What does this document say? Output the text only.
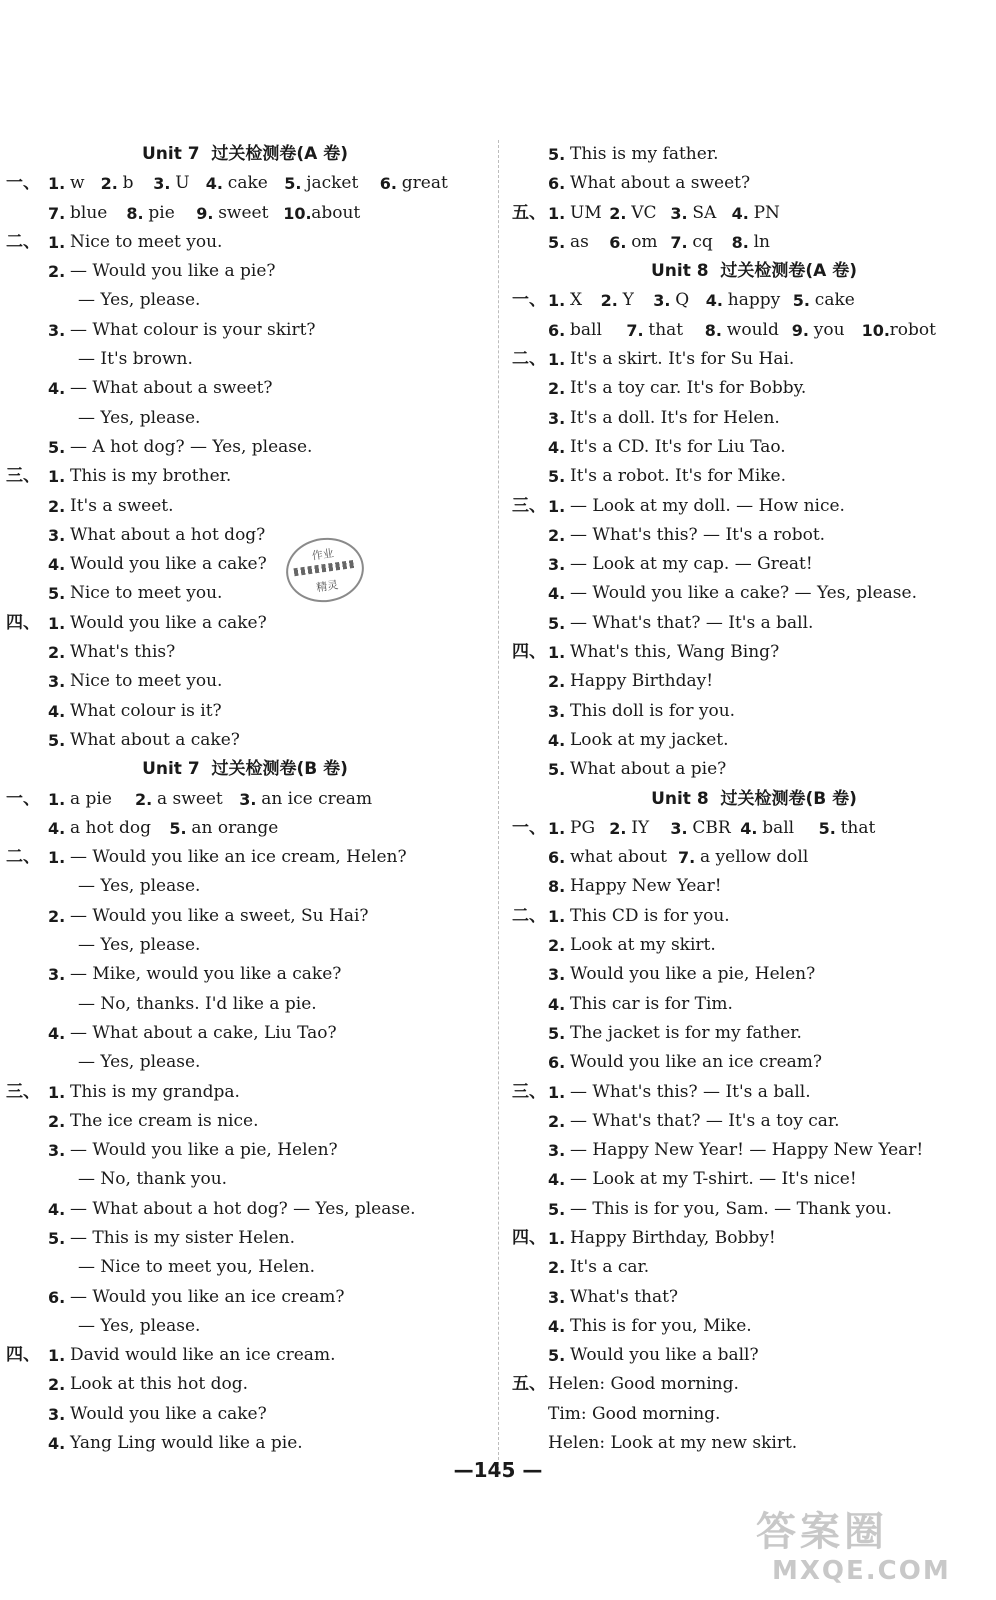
Unit 7  过关检测卷(A 卷)
一、 1. w 2. b 3. U 4. cake 5. jacket 6. great
7. blue 8. pie 9. sweet 10. about
二、 1. Nice to meet you.
2. — Would you like a pie?
— Yes, please.
3. — What colour is your skirt?
— It's brown.
4. — What about a sweet?
— Yes, please.
5. — A hot dog? — Yes, please.
三、 1. This is my brother.
2. It's a sweet.
3. What about a hot dog?
4. Would you like a cake?
5. Nice to meet you.
四、 1. Would you like a cake?
2. What's this?
3. Nice to meet you.
4. What colour is it?
5. What about a cake?
Unit 7  过关检测卷(B 卷)
一、 1. a pie 2. a sweet 3. an ice cream
4. a hot dog 5. an orange
二、 1. — Would you like an ice cream, Helen?
— Yes, please.
2. — Would you like a sweet, Su Hai?
— Yes, please.
3. — Mike, would you like a cake?
— No, thanks. I'd like a pie.
4. — What about a cake, Liu Tao?
— Yes, please.
三、 1. This is my grandpa.
2. The ice cream is nice.
3. — Would you like a pie, Helen?
— No, thank you.
4. — What about a hot dog? — Yes, please.
5. — This is my sister Helen.
— Nice to meet you, Helen.
6. — Would you like an ice cream?
— Yes, please.
四、 1. David would like an ice cream.
2. Look at this hot dog.
3. Would you like a cake?
4. Yang Ling would like a pie.
5. This is my father.
6. What about a sweet?
五、 1. UM 2. VC 3. SA 4. PN
5. as 6. om 7. cq 8. ln
Unit 8  过关检测卷(A 卷)
一、 1. X 2. Y 3. Q 4. happy 5. cake
6. ball 7. that 8. would 9. you 10. robot
二、 1. It's a skirt. It's for Su Hai.
2. It's a toy car. It's for Bobby.
3. It's a doll. It's for Helen.
4. It's a CD. It's for Liu Tao.
5. It's a robot. It's for Mike.
三、 1. — Look at my doll. — How nice.
2. — What's this? — It's a robot.
3. — Look at my cap. — Great!
4. — Would you like a cake? — Yes, please.
5. — What's that? — It's a ball.
四、 1. What's this, Wang Bing?
2. Happy Birthday!
3. This doll is for you.
4. Look at my jacket.
5. What about a pie?
Unit 8  过关检测卷(B 卷)
一、 1. PG 2. IY 3. CBR 4. ball 5. that
6. what about 7. a yellow doll
8. Happy New Year!
二、 1. This CD is for you.
2. Look at my skirt.
3. Would you like a pie, Helen?
4. This car is for Tim.
5. The jacket is for my father.
6. Would you like an ice cream?
三、 1. — What's this? — It's a ball.
2. — What's that? — It's a toy car.
3. — Happy New Year! — Happy New Year!
4. — Look at my T-shirt. — It's nice!
5. — This is for you, Sam. — Thank you.
四、 1. Happy Birthday, Bobby!
2. It's a car.
3. What's that?
4. This is for you, Mike.
5. Would you like a ball?
五、 Helen: Good morning.
Tim: Good morning.
Helen: Look at my new skirt.
作业
精灵
—145 —
答案圈
MXQE.COM
